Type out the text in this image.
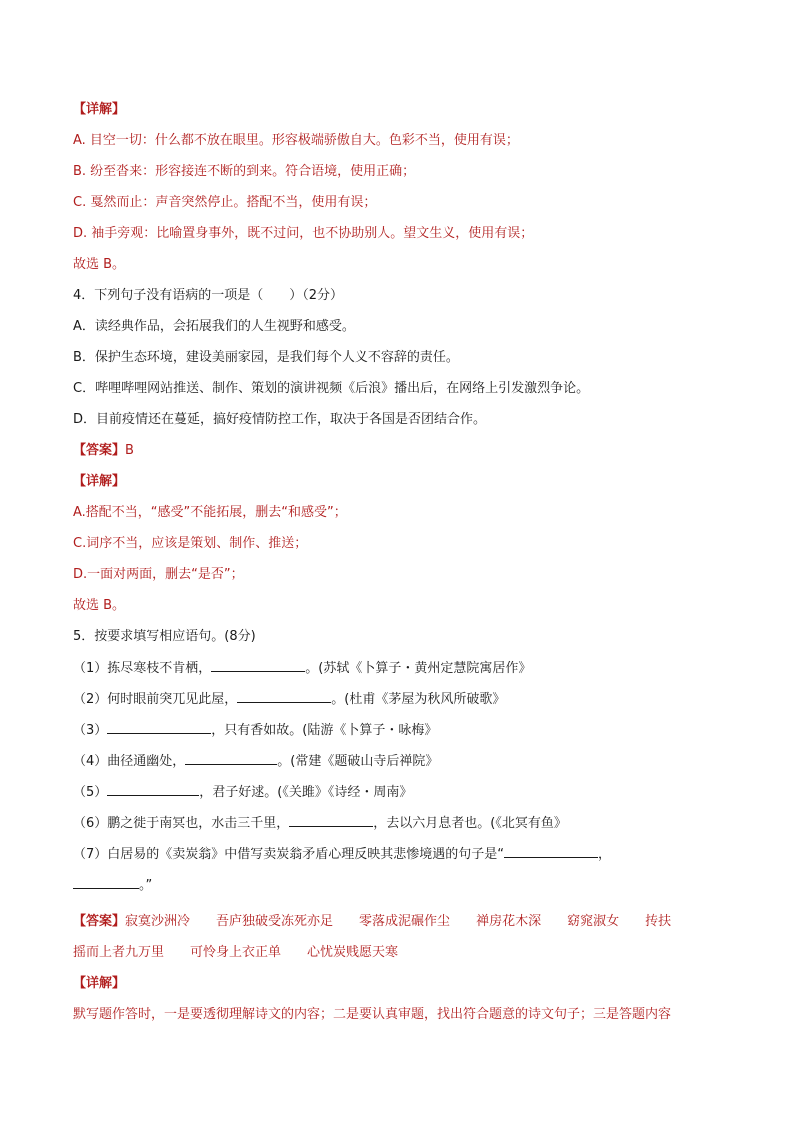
【详解】
A. 目空一切：什么都不放在眼里。形容极端骄傲自大。色彩不当，使用有误；
B. 纷至沓来：形容接连不断的到来。符合语境，使用正确；
C. 戛然而止：声音突然停止。搭配不当，使用有误；
D. 袖手旁观：比喻置身事外，既不过问，也不协助别人。望文生义，使用有误；
故选 B。
4．下列句子没有语病的一项是（　　）（2分）
A．读经典作品，会拓展我们的人生视野和感受。
B．保护生态环境，建设美丽家园，是我们每个人义不容辞的责任。
C．哔哩哔哩网站推送、制作、策划的演讲视频《后浪》播出后，在网络上引发激烈争论。
D．目前疫情还在蔓延，搞好疫情防控工作，取决于各国是否团结合作。
【答案】B
【详解】
A.搭配不当，“感受”不能拓展，删去“和感受”；
C.词序不当，应该是策划、制作、推送；
D.一面对两面，删去“是否”；
故选 B。
5．按要求填写相应语句。(8分)
（1）拣尽寒枝不肯栖，	。(苏轼《卜算子・黄州定慧院寓居作》
（2）何时眼前突兀见此屋，	。(杜甫《茅屋为秋风所破歌》
（3）	，只有香如故。(陆游《卜算子・咏梅》
（4）曲径通幽处，	。(常建《题破山寺后禅院》
（5）	，君子好逑。(《关雎》《诗经・周南》
（6）鹏之徙于南冥也，水击三千里，	，去以六月息者也。(《北冥有鱼》
（7）白居易的《卖炭翁》中借写卖炭翁矛盾心理反映其悲惨境遇的句子是“	，
。”
【答案】寂寞沙洲冷 吾庐独破受冻死亦足 零落成泥碾作尘 禅房花木深 窈窕淑女 抟扶
摇而上者九万里 可怜身上衣正单 心忧炭贱愿天寒
【详解】
默写题作答时，一是要透彻理解诗文的内容；二是要认真审题，找出符合题意的诗文句子；三是答题内容
